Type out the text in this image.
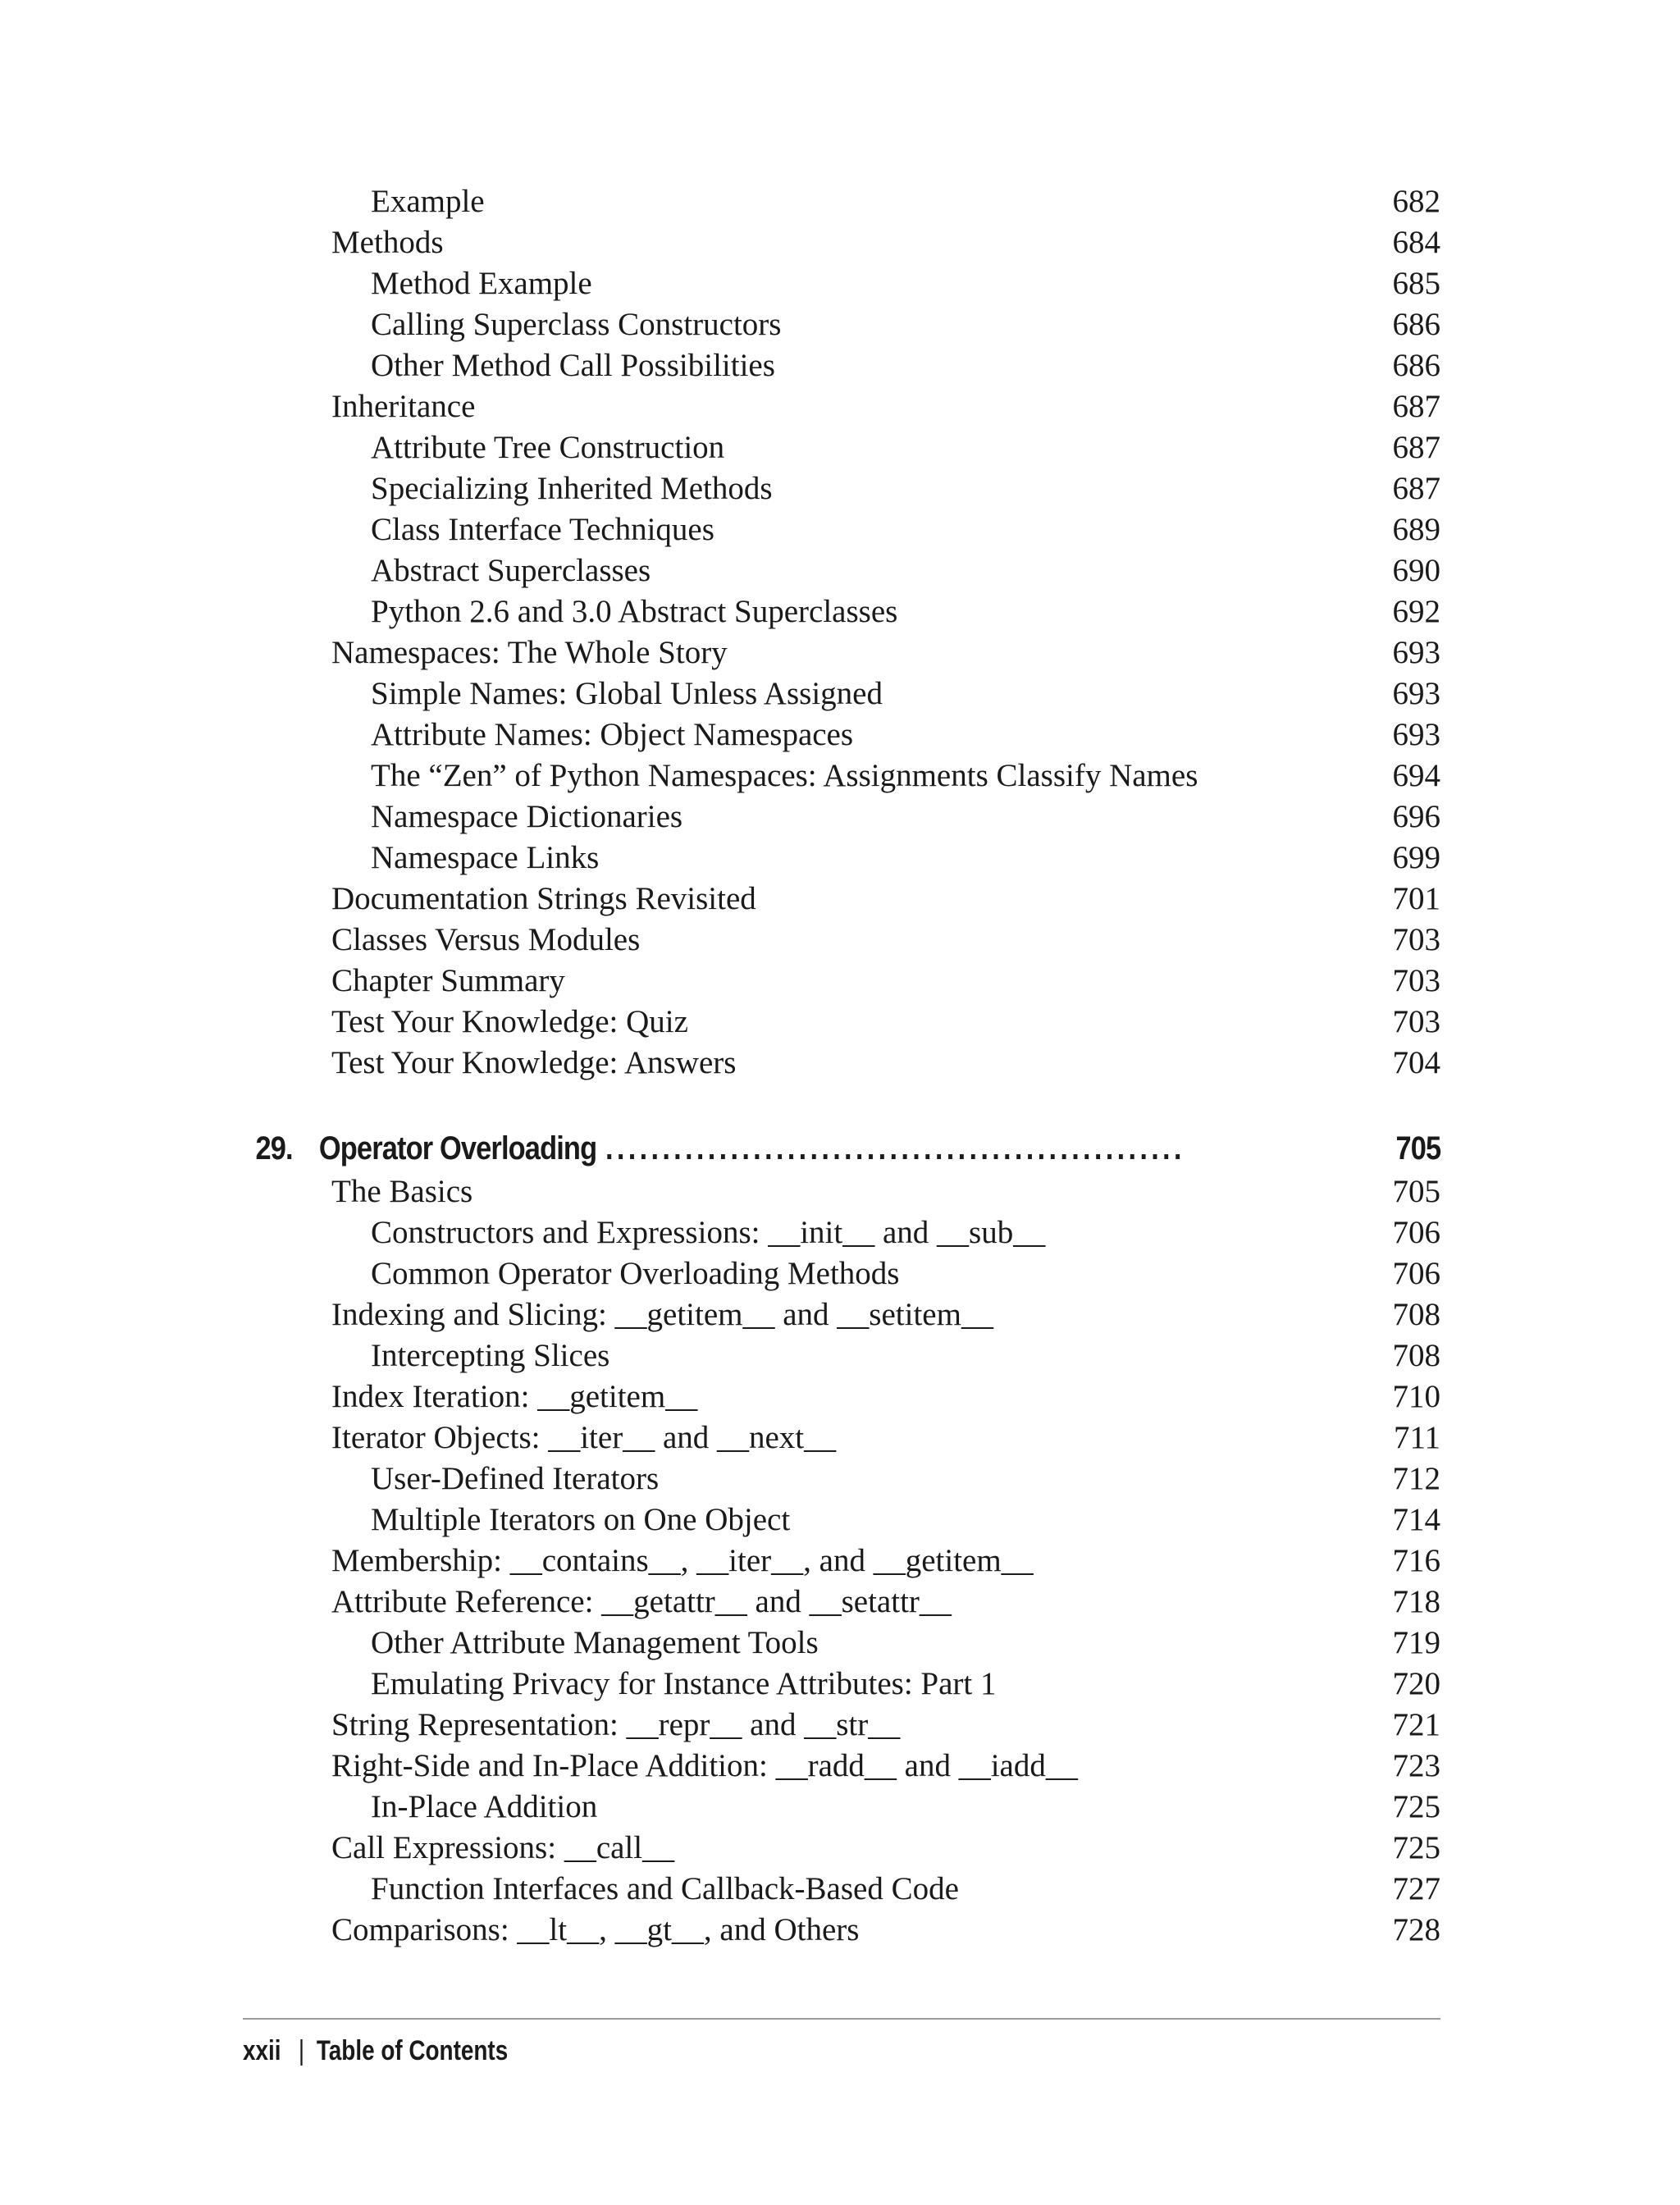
Example	682
Methods	684
Method Example	685
Calling Superclass Constructors	686
Other Method Call Possibilities	686
Inheritance	687
Attribute Tree Construction	687
Specializing Inherited Methods	687
Class Interface Techniques	689
Abstract Superclasses	690
Python 2.6 and 3.0 Abstract Superclasses	692
Namespaces: The Whole Story	693
Simple Names: Global Unless Assigned	693
Attribute Names: Object Namespaces	693
The “Zen” of Python Namespaces: Assignments Classify Names	694
Namespace Dictionaries	696
Namespace Links	699
Documentation Strings Revisited	701
Classes Versus Modules	703
Chapter Summary	703
Test Your Knowledge: Quiz	703
Test Your Knowledge: Answers	704
29. Operator Overloading ...................................................	705
The Basics	705
Constructors and Expressions: __init__ and __sub__	706
Common Operator Overloading Methods	706
Indexing and Slicing: __getitem__ and __setitem__	708
Intercepting Slices	708
Index Iteration: __getitem__	710
Iterator Objects: __iter__ and __next__	711
User-Defined Iterators	712
Multiple Iterators on One Object	714
Membership: __contains__, __iter__, and __getitem__	716
Attribute Reference: __getattr__ and __setattr__	718
Other Attribute Management Tools	719
Emulating Privacy for Instance Attributes: Part 1	720
String Representation: __repr__ and __str__	721
Right-Side and In-Place Addition: __radd__ and __iadd__	723
In-Place Addition	725
Call Expressions: __call__	725
Function Interfaces and Callback-Based Code	727
Comparisons: __lt__, __gt__, and Others	728
xxii | Table of Contents
